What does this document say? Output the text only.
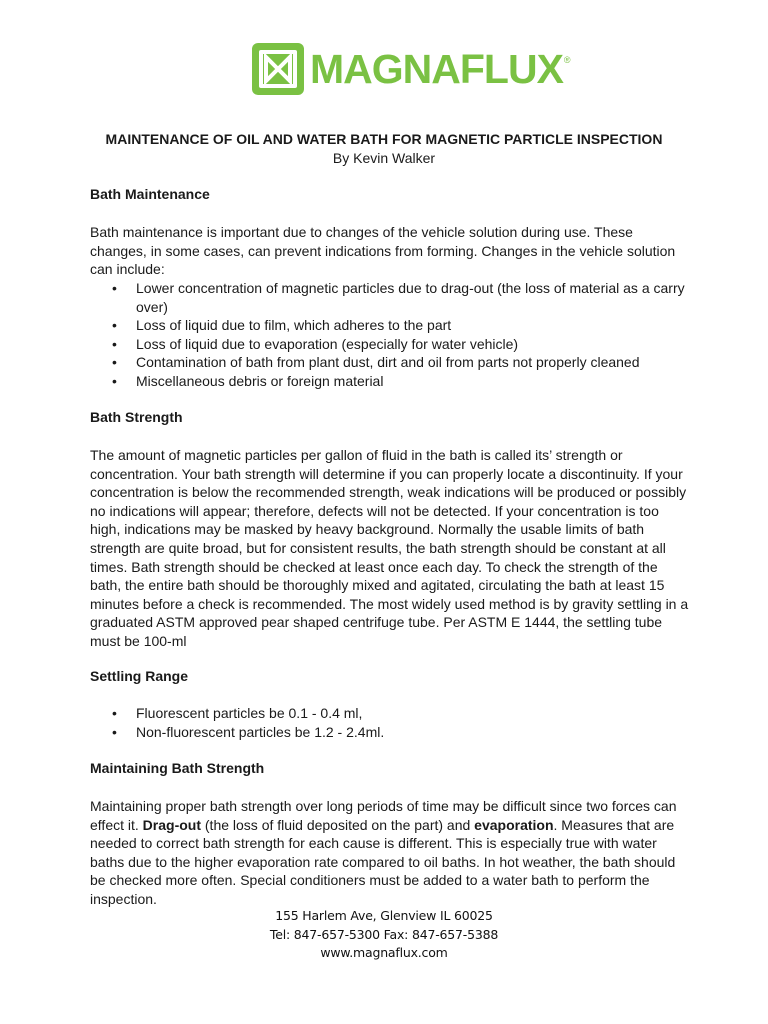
MAGNAFLUX ®
MAINTENANCE OF OIL AND WATER BATH FOR MAGNETIC PARTICLE INSPECTION
By Kevin Walker
Bath Maintenance

Bath maintenance is important due to changes of the vehicle solution during use. These changes, in some cases, can prevent indications from forming. Changes in the vehicle solution can include:

• Lower concentration of magnetic particles due to drag-out (the loss of material as a carry over)
• Loss of liquid due to film, which adheres to the part
• Loss of liquid due to evaporation (especially for water vehicle)
• Contamination of bath from plant dust, dirt and oil from parts not properly cleaned
• Miscellaneous debris or foreign material
Bath Strength

The amount of magnetic particles per gallon of fluid in the bath is called its’ strength or concentration. Your bath strength will determine if you can properly locate a discontinuity. If your concentration is below the recommended strength, weak indications will be produced or possibly no indications will appear; therefore, defects will not be detected. If your concentration is too high, indications may be masked by heavy background. Normally the usable limits of bath strength are quite broad, but for consistent results, the bath strength should be constant at all times. Bath strength should be checked at least once each day. To check the strength of the bath, the entire bath should be thoroughly mixed and agitated, circulating the bath at least 15 minutes before a check is recommended. The most widely used method is by gravity settling in a graduated ASTM approved pear shaped centrifuge tube. Per ASTM E 1444, the settling tube must be 100-ml

Settling Range
• Fluorescent particles be 0.1 - 0.4 ml,
• Non-fluorescent particles be 1.2 - 2.4ml.
Maintaining Bath Strength

Maintaining proper bath strength over long periods of time may be difficult since two forces can effect it. Drag-out (the loss of fluid deposited on the part) and evaporation. Measures that are needed to correct bath strength for each cause is different. This is especially true with water baths due to the higher evaporation rate compared to oil baths. In hot weather, the bath should be checked more often. Special conditioners must be added to a water bath to perform the inspection.

155 Harlem Ave, Glenview IL 60025
Tel: 847-657-5300 Fax: 847-657-5388
www.magnaflux.com
